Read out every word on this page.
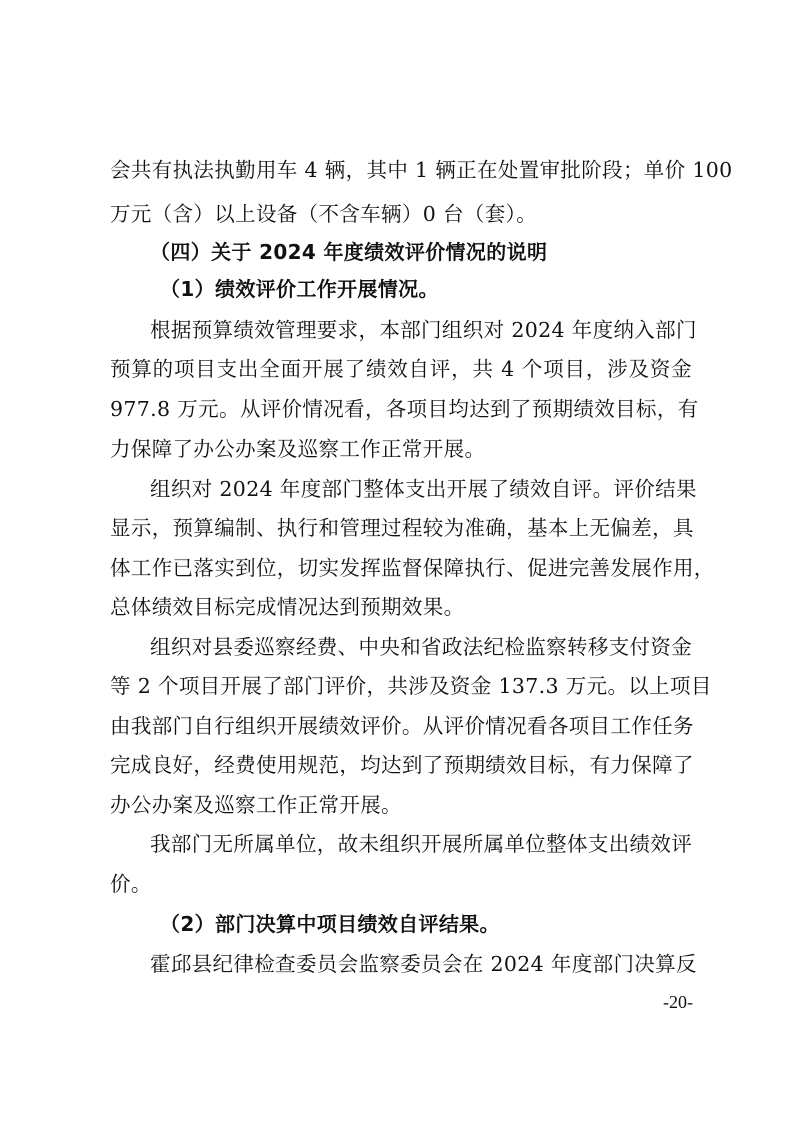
会共有执法执勤用车 4 辆，其中 1 辆正在处置审批阶段；单价 100
万元（含）以上设备（不含车辆）0 台（套）。
（四）关于 2024 年度绩效评价情况的说明
（1）绩效评价工作开展情况。
根据预算绩效管理要求，本部门组织对 2024 年度纳入部门
预算的项目支出全面开展了绩效自评，共 4 个项目，涉及资金
977.8 万元。从评价情况看，各项目均达到了预期绩效目标，有
力保障了办公办案及巡察工作正常开展。
组织对 2024 年度部门整体支出开展了绩效自评。评价结果
显示，预算编制、执行和管理过程较为准确，基本上无偏差，具
体工作已落实到位，切实发挥监督保障执行、促进完善发展作用，
总体绩效目标完成情况达到预期效果。
组织对县委巡察经费、中央和省政法纪检监察转移支付资金
等 2 个项目开展了部门评价，共涉及资金 137.3 万元。以上项目
由我部门自行组织开展绩效评价。从评价情况看各项目工作任务
完成良好，经费使用规范，均达到了预期绩效目标，有力保障了
办公办案及巡察工作正常开展。
我部门无所属单位，故未组织开展所属单位整体支出绩效评
价。
（2）部门决算中项目绩效自评结果。
霍邱县纪律检查委员会监察委员会在 2024 年度部门决算反
-20-
